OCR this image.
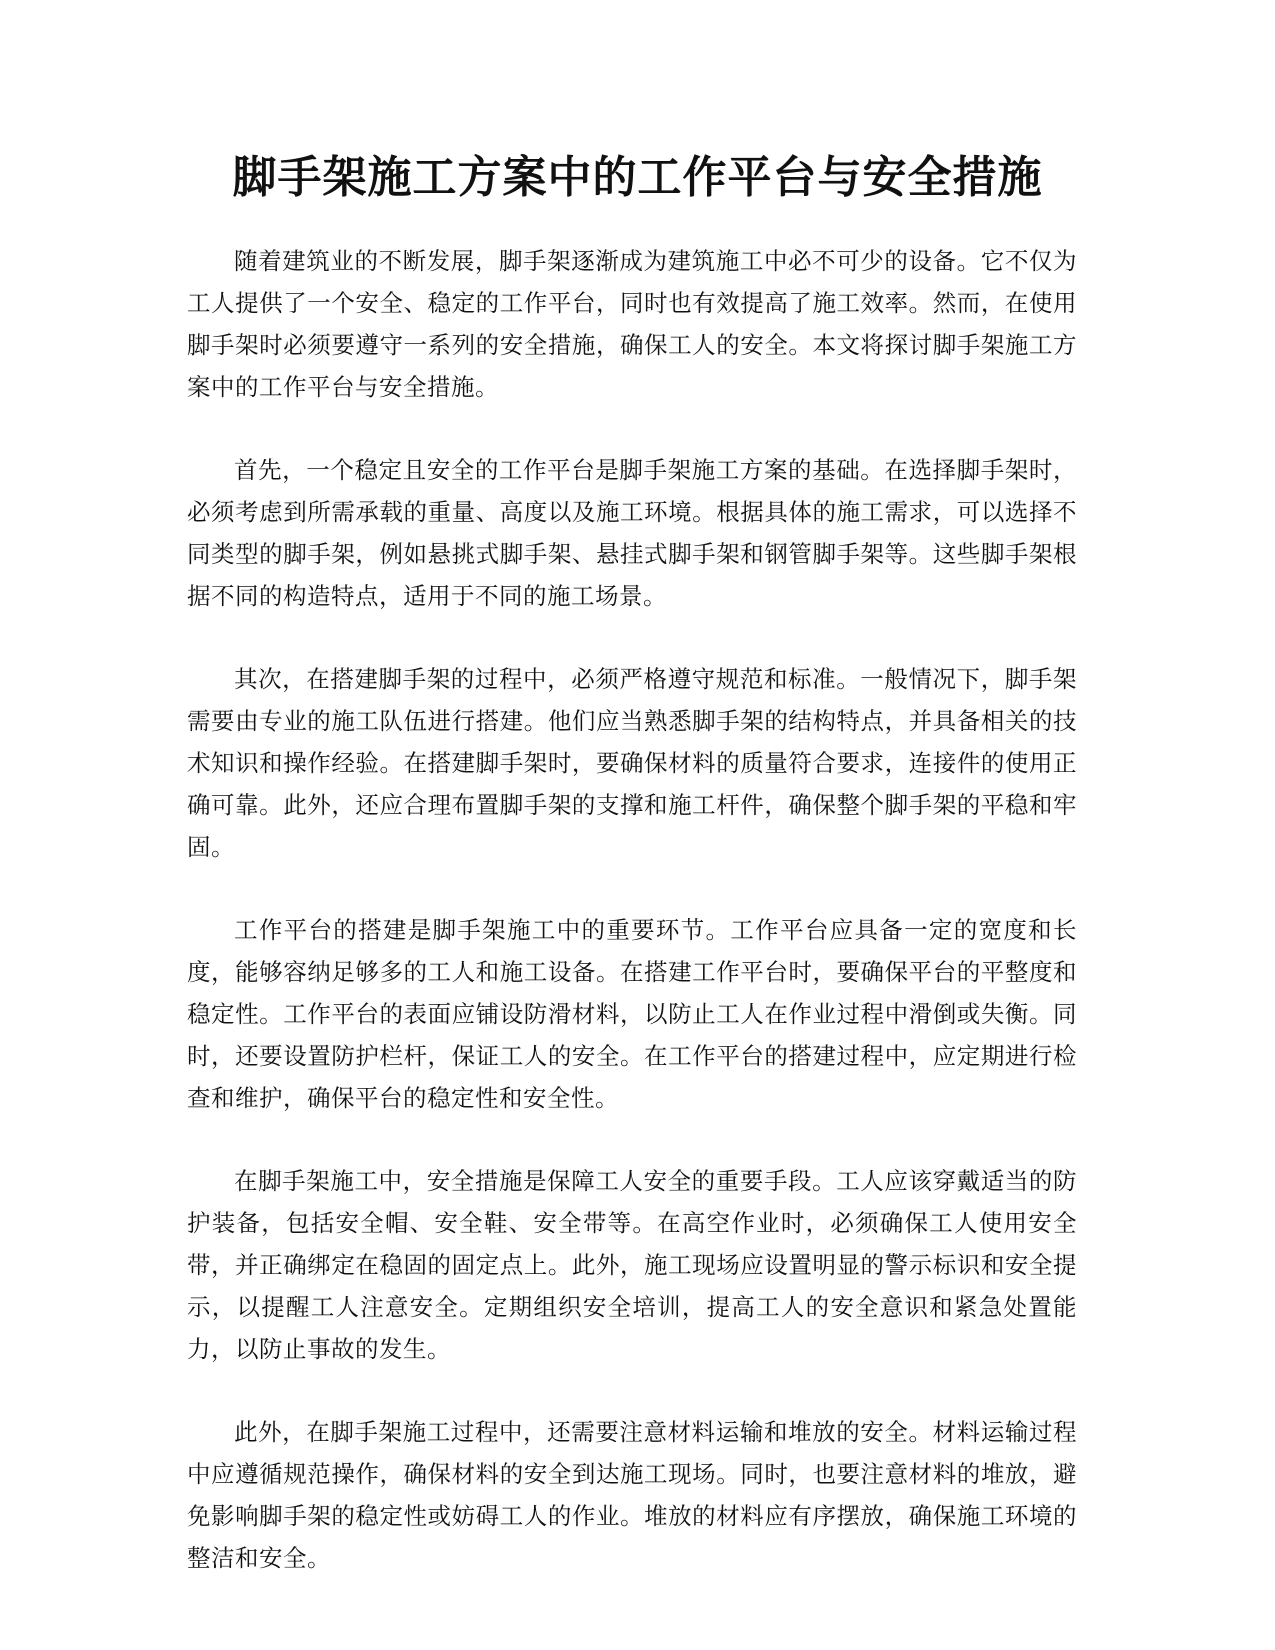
脚手架施工方案中的工作平台与安全措施

随着建筑业的不断发展，脚手架逐渐成为建筑施工中必不可少的设备。它不仅为工人提供了一个安全、稳定的工作平台，同时也有效提高了施工效率。然而，在使用脚手架时必须要遵守一系列的安全措施，确保工人的安全。本文将探讨脚手架施工方案中的工作平台与安全措施。

首先，一个稳定且安全的工作平台是脚手架施工方案的基础。在选择脚手架时，必须考虑到所需承载的重量、高度以及施工环境。根据具体的施工需求，可以选择不同类型的脚手架，例如悬挑式脚手架、悬挂式脚手架和钢管脚手架等。这些脚手架根据不同的构造特点，适用于不同的施工场景。

其次，在搭建脚手架的过程中，必须严格遵守规范和标准。一般情况下，脚手架需要由专业的施工队伍进行搭建。他们应当熟悉脚手架的结构特点，并具备相关的技术知识和操作经验。在搭建脚手架时，要确保材料的质量符合要求，连接件的使用正确可靠。此外，还应合理布置脚手架的支撑和施工杆件，确保整个脚手架的平稳和牢固。

工作平台的搭建是脚手架施工中的重要环节。工作平台应具备一定的宽度和长度，能够容纳足够多的工人和施工设备。在搭建工作平台时，要确保平台的平整度和稳定性。工作平台的表面应铺设防滑材料，以防止工人在作业过程中滑倒或失衡。同时，还要设置防护栏杆，保证工人的安全。在工作平台的搭建过程中，应定期进行检查和维护，确保平台的稳定性和安全性。

在脚手架施工中，安全措施是保障工人安全的重要手段。工人应该穿戴适当的防护装备，包括安全帽、安全鞋、安全带等。在高空作业时，必须确保工人使用安全带，并正确绑定在稳固的固定点上。此外，施工现场应设置明显的警示标识和安全提示，以提醒工人注意安全。定期组织安全培训，提高工人的安全意识和紧急处置能力，以防止事故的发生。

此外，在脚手架施工过程中，还需要注意材料运输和堆放的安全。材料运输过程中应遵循规范操作，确保材料的安全到达施工现场。同时，也要注意材料的堆放，避免影响脚手架的稳定性或妨碍工人的作业。堆放的材料应有序摆放，确保施工环境的整洁和安全。
